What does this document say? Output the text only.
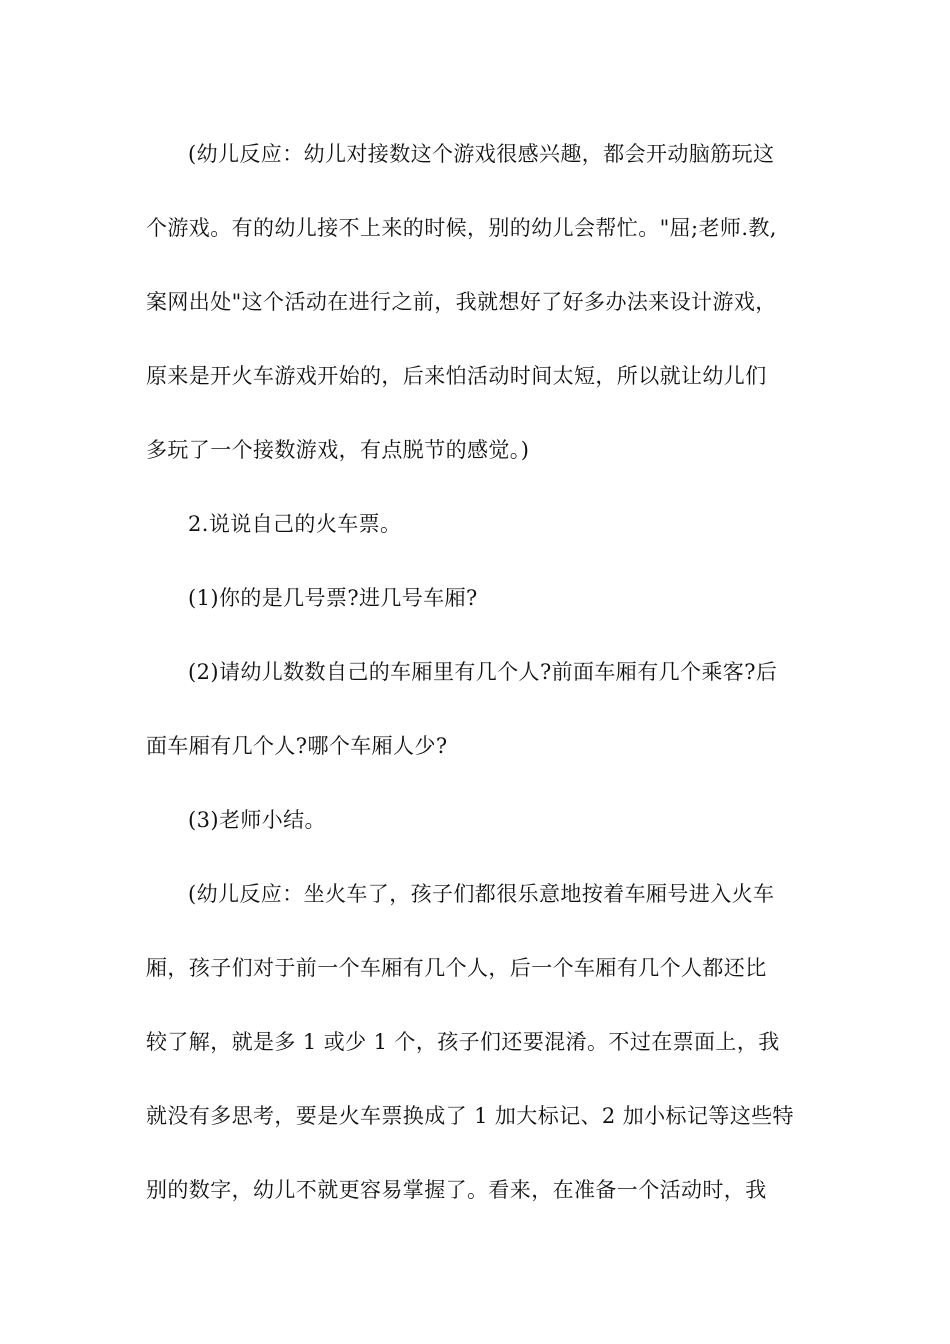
(幼儿反应：幼儿对接数这个游戏很感兴趣，都会开动脑筋玩这
个游戏。有的幼儿接不上来的时候，别的幼儿会帮忙。"屈;老师.教,
案网出处"这个活动在进行之前，我就想好了好多办法来设计游戏，
原来是开火车游戏开始的，后来怕活动时间太短，所以就让幼儿们
多玩了一个接数游戏，有点脱节的感觉。)
2.说说自己的火车票。
(1)你的是几号票?进几号车厢?
(2)请幼儿数数自己的车厢里有几个人?前面车厢有几个乘客?后
面车厢有几个人?哪个车厢人少?
(3)老师小结。
(幼儿反应：坐火车了，孩子们都很乐意地按着车厢号进入火车
厢，孩子们对于前一个车厢有几个人，后一个车厢有几个人都还比
较了解，就是多 1 或少 1 个，孩子们还要混淆。不过在票面上，我
就没有多思考，要是火车票换成了 1 加大标记、2 加小标记等这些特
别的数字，幼儿不就更容易掌握了。看来，在准备一个活动时，我
